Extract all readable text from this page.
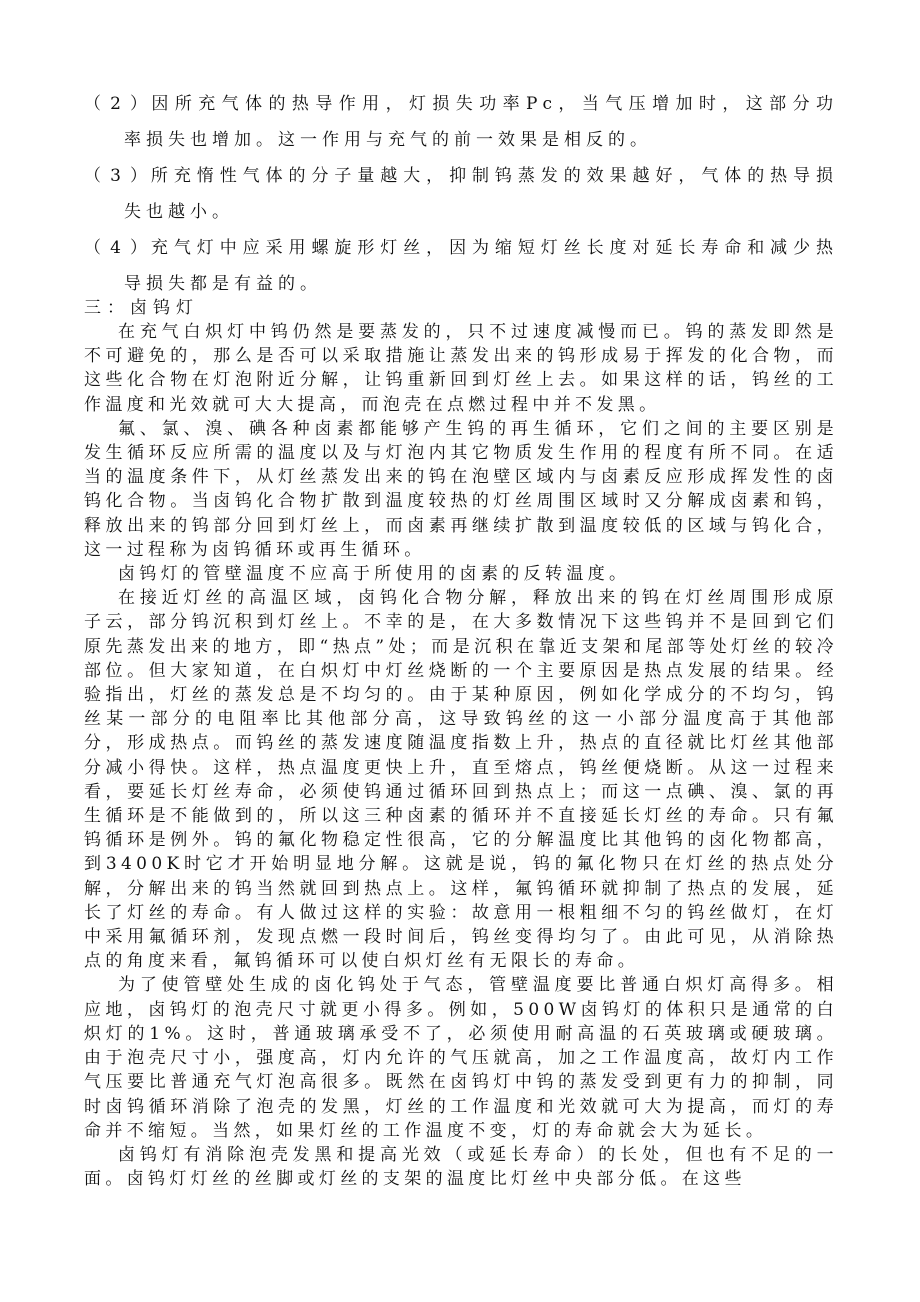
（2）因所充气体的热导作用，灯损失功率Pc，当气压增加时，这部分功
率损失也增加。这一作用与充气的前一效果是相反的。
（3）所充惰性气体的分子量越大，抑制钨蒸发的效果越好，气体的热导损
失也越小。
（4）充气灯中应采用螺旋形灯丝，因为缩短灯丝长度对延长寿命和减少热
导损失都是有益的。
三：卤钨灯

在充气白炽灯中钨仍然是要蒸发的，只不过速度减慢而已。钨的蒸发即然是不可避免的，那么是否可以采取措施让蒸发出来的钨形成易于挥发的化合物，而这些化合物在灯泡附近分解，让钨重新回到灯丝上去。如果这样的话，钨丝的工作温度和光效就可大大提高，而泡壳在点燃过程中并不发黑。

氟、氯、溴、碘各种卤素都能够产生钨的再生循环，它们之间的主要区别是发生循环反应所需的温度以及与灯泡内其它物质发生作用的程度有所不同。在适当的温度条件下，从灯丝蒸发出来的钨在泡壁区域内与卤素反应形成挥发性的卤钨化合物。当卤钨化合物扩散到温度较热的灯丝周围区域时又分解成卤素和钨，释放出来的钨部分回到灯丝上，而卤素再继续扩散到温度较低的区域与钨化合，这一过程称为卤钨循环或再生循环。

卤钨灯的管壁温度不应高于所使用的卤素的反转温度。

在接近灯丝的高温区域，卤钨化合物分解，释放出来的钨在灯丝周围形成原子云，部分钨沉积到灯丝上。不幸的是，在大多数情况下这些钨并不是回到它们原先蒸发出来的地方，即“热点”处；而是沉积在靠近支架和尾部等处灯丝的较冷部位。但大家知道，在白炽灯中灯丝烧断的一个主要原因是热点发展的结果。经验指出，灯丝的蒸发总是不均匀的。由于某种原因，例如化学成分的不均匀，钨丝某一部分的电阻率比其他部分高，这导致钨丝的这一小部分温度高于其他部分，形成热点。而钨丝的蒸发速度随温度指数上升，热点的直径就比灯丝其他部分减小得快。这样，热点温度更快上升，直至熔点，钨丝便烧断。从这一过程来看，要延长灯丝寿命，必须使钨通过循环回到热点上；而这一点碘、溴、氯的再生循环是不能做到的，所以这三种卤素的循环并不直接延长灯丝的寿命。只有氟钨循环是例外。钨的氟化物稳定性很高，它的分解温度比其他钨的卤化物都高，到3400K时它才开始明显地分解。这就是说，钨的氟化物只在灯丝的热点处分解，分解出来的钨当然就回到热点上。这样，氟钨循环就抑制了热点的发展，延长了灯丝的寿命。有人做过这样的实验：故意用一根粗细不匀的钨丝做灯，在灯中采用氟循环剂，发现点燃一段时间后，钨丝变得均匀了。由此可见，从消除热点的角度来看，氟钨循环可以使白炽灯丝有无限长的寿命。

为了使管壁处生成的卤化钨处于气态，管壁温度要比普通白炽灯高得多。相应地，卤钨灯的泡壳尺寸就更小得多。例如，500W卤钨灯的体积只是通常的白炽灯的1%。这时，普通玻璃承受不了，必须使用耐高温的石英玻璃或硬玻璃。由于泡壳尺寸小，强度高，灯内允许的气压就高，加之工作温度高，故灯内工作气压要比普通充气灯泡高很多。既然在卤钨灯中钨的蒸发受到更有力的抑制，同时卤钨循环消除了泡壳的发黑，灯丝的工作温度和光效就可大为提高，而灯的寿命并不缩短。当然，如果灯丝的工作温度不变，灯的寿命就会大为延长。

卤钨灯有消除泡壳发黑和提高光效（或延长寿命）的长处，但也有不足的一面。卤钨灯灯丝的丝脚或灯丝的支架的温度比灯丝中央部分低。在这些
